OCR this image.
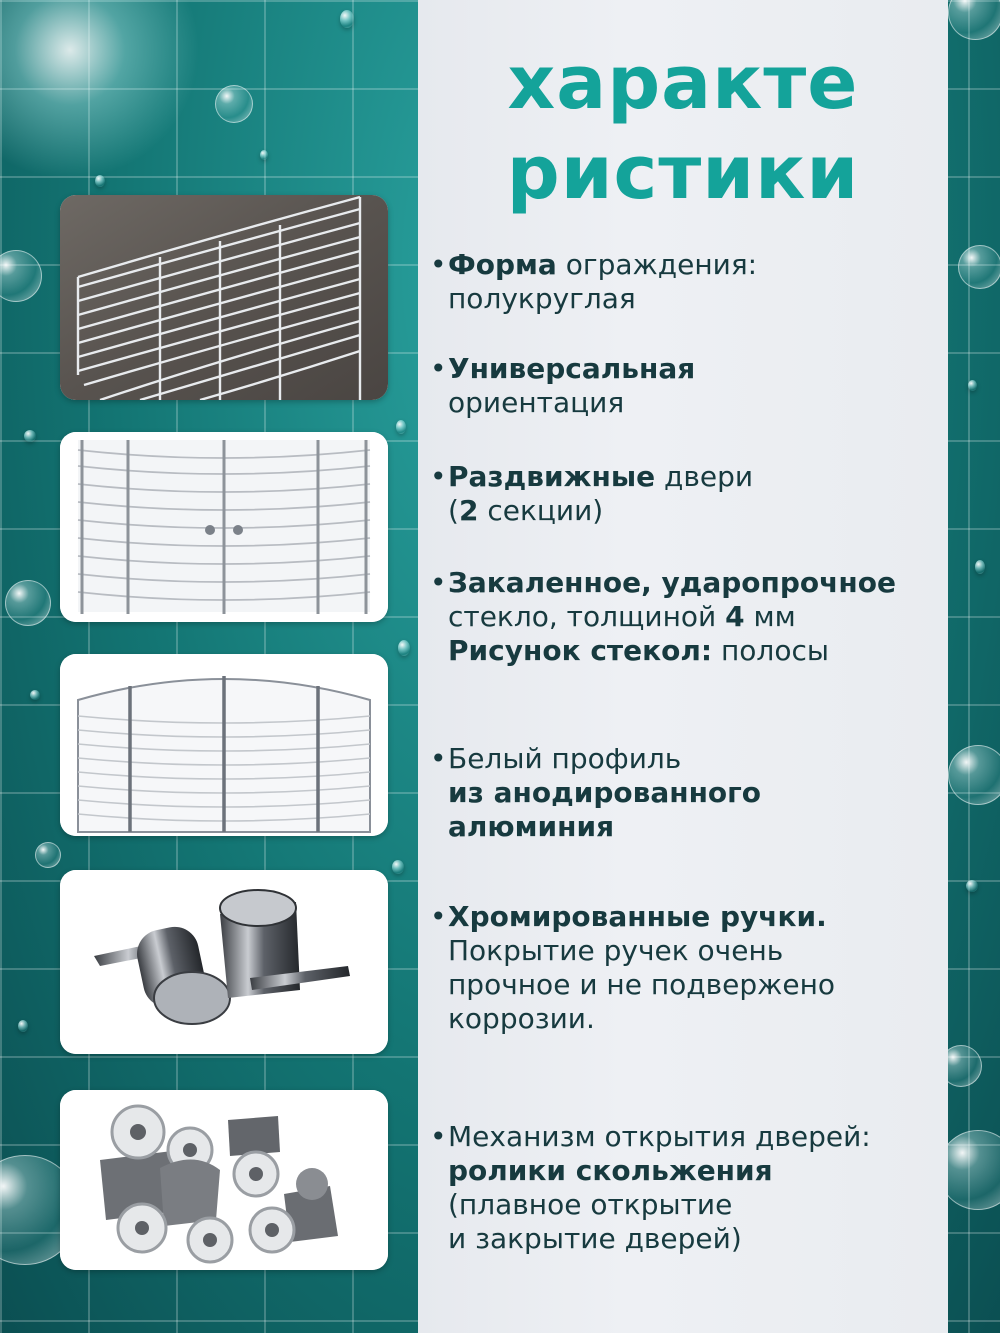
характе
ристики
•Форма ограждения:
полукруглая
•Универсальная
ориентация
•Раздвижные двери
(2 секции)
•Закаленное, ударопрочное
стекло, толщиной 4 мм
Рисунок стекол: полосы
•Белый профиль
из анодированного
алюминия
•Хромированные ручки.
Покрытие ручек очень
прочное и не подвержено
коррозии.
•Механизм открытия дверей:
ролики скольжения
(плавное открытие
и закрытие дверей)
